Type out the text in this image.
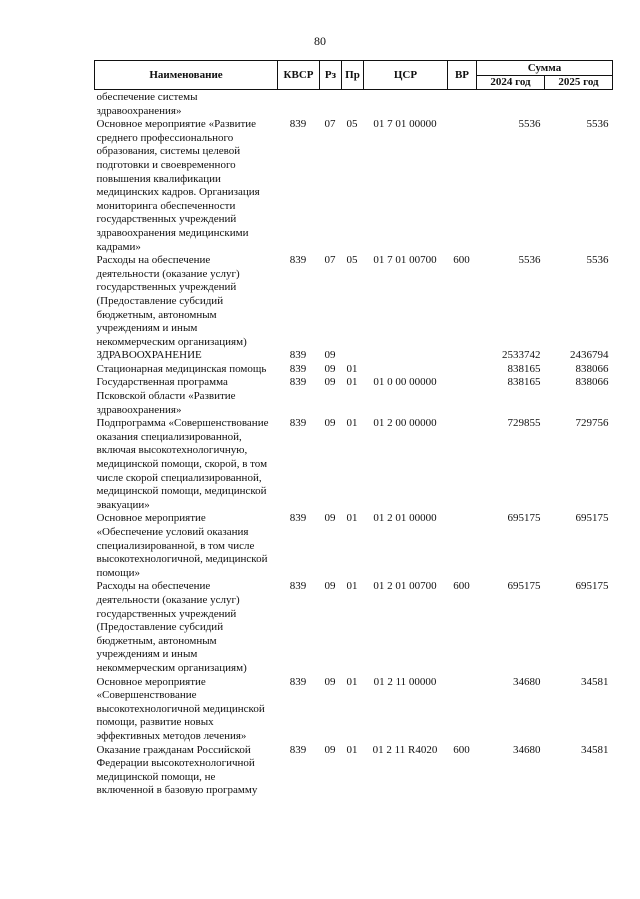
80
Наименование	КВСР	Рз	Пр	ЦСР	ВР	Сумма	
						2024 год	2025 год
обеспечение системы здравоохранения»							
Основное мероприятие «Развитие среднего профессионального образования, системы целевой подготовки и своевременного повышения квалификации медицинских кадров. Организация мониторинга обеспеченности государственных учреждений здравоохранения медицинскими кадрами»	839	07	05	01 7 01 00000		5536	5536
Расходы на обеспечение деятельности (оказание услуг) государственных учреждений (Предоставление субсидий бюджетным, автономным учреждениям и иным некоммерческим организациям)	839	07	05	01 7 01 00700	600	5536	5536
ЗДРАВООХРАНЕНИЕ	839	09				2533742	2436794
Стационарная медицинская помощь	839	09	01			838165	838066
Государственная программа Псковской области «Развитие здравоохранения»	839	09	01	01 0 00 00000		838165	838066
Подпрограмма «Совершенствование оказания специализированной, включая высокотехнологичную, медицинской помощи, скорой, в том числе скорой специализированной, медицинской помощи, медицинской эвакуации»	839	09	01	01 2 00 00000		729855	729756
Основное мероприятие «Обеспечение условий оказания специализированной, в том числе высокотехнологичной, медицинской помощи»	839	09	01	01 2 01 00000		695175	695175
Расходы на обеспечение деятельности (оказание услуг) государственных учреждений (Предоставление субсидий бюджетным, автономным учреждениям и иным некоммерческим организациям)	839	09	01	01 2 01 00700	600	695175	695175
Основное мероприятие «Совершенствование высокотехнологичной медицинской помощи, развитие новых эффективных методов лечения»	839	09	01	01 2 11 00000		34680	34581
Оказание гражданам Российской Федерации высокотехнологичной медицинской помощи, не включенной в базовую программу	839	09	01	01 2 11 R4020	600	34680	34581
